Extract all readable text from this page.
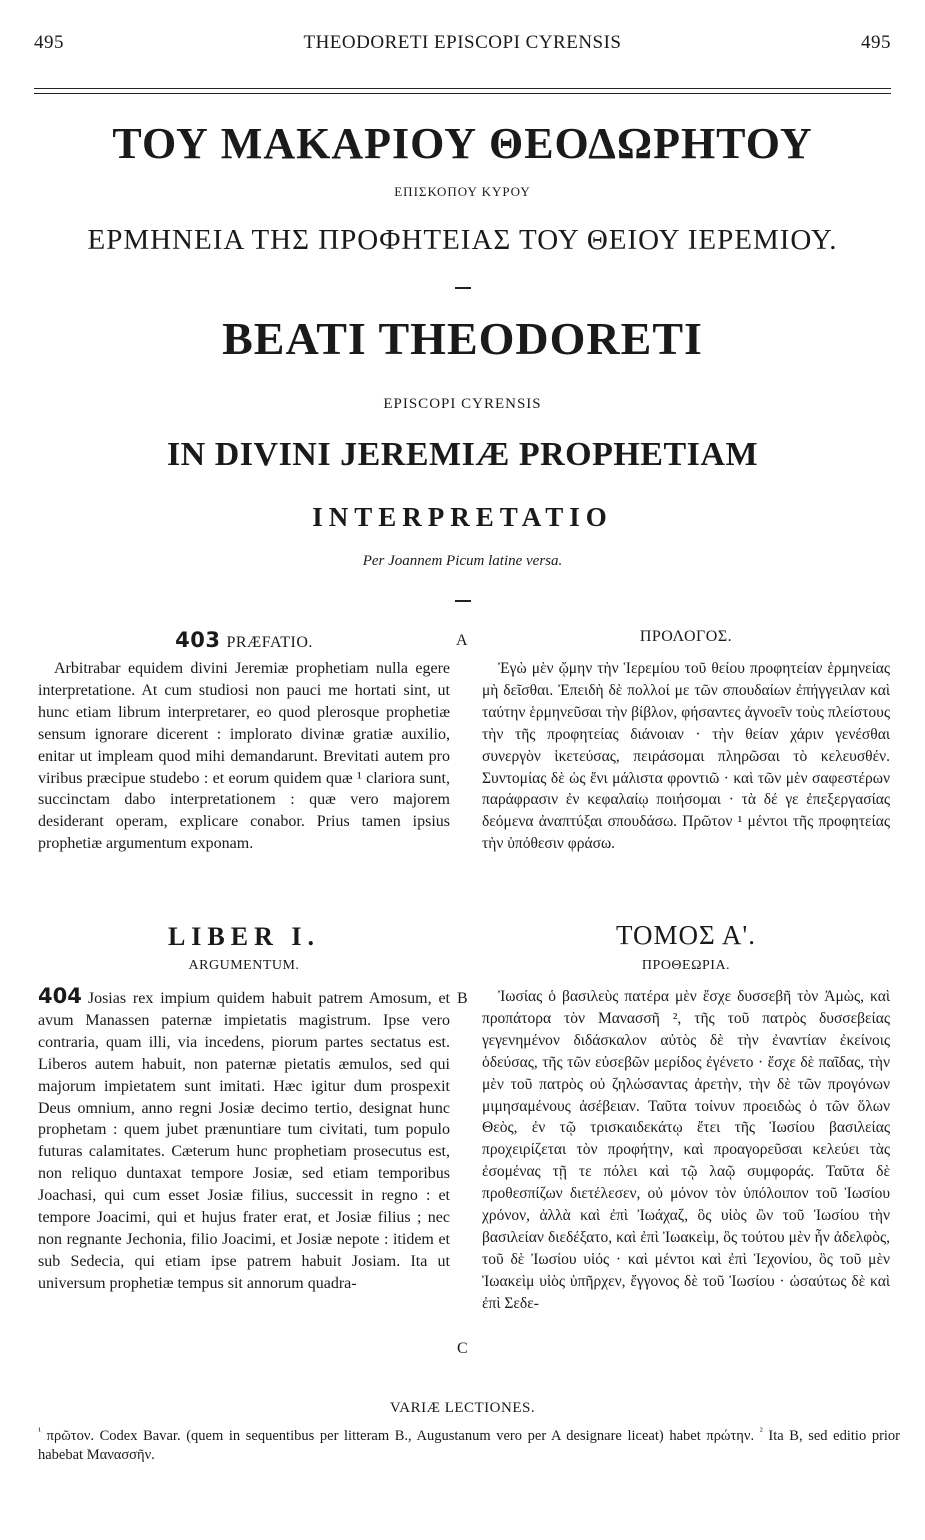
495	THEODORETI EPISCOPI CYRENSIS	495
ΤΟΥ ΜΑΚΑΡΙΟΥ ΘΕΟΔΩΡΗΤΟΥ
ΕΠΙΣΚΟΠΟΥ ΚΥΡΟΥ
ΕΡΜΗΝΕΙΑ ΤΗΣ ΠΡΟΦΗΤΕΙΑΣ ΤΟΥ ΘΕΙΟΥ ΙΕΡΕΜΙΟΥ.
BEATI THEODORETI
EPISCOPI CYRENSIS
IN DIVINI JEREMIÆ PROPHETIAM
INTERPRETATIO
Per Joannem Picum latine versa.
403 PRÆFATIO.	A	ΠΡΟΛΟΓΟΣ.

Arbitrabar equidem divini Jeremiæ prophetiam nulla egere interpretatione. At cum studiosi non pauci me hortati sint, ut hunc etiam librum interpretarer, eo quod plerosque prophetiæ sensum ignorare dicerent : implorato divinæ gratiæ auxilio, enitar ut impleam quod mihi demandarunt. Brevitati autem pro viribus præcipue studebo : et eorum quidem quæ ¹ clariora sunt, succinctam dabo interpretationem : quæ vero majorem desiderant operam, explicare conabor. Prius tamen ipsius prophetiæ argumentum exponam.

Ἐγὼ μὲν ᾤμην τὴν Ἱερεμίου τοῦ θείου προφητείαν ἑρμηνείας μὴ δεῖσθαι. Ἐπειδὴ δὲ πολλοί με τῶν σπουδαίων ἐπήγγειλαν καὶ ταύτην ἑρμηνεῦσαι τὴν βίβλον, φήσαντες ἀγνοεῖν τοὺς πλείστους τὴν τῆς προφητείας διάνοιαν · τὴν θείαν χάριν γενέσθαι συνεργὸν ἱκετεύσας, πειράσομαι πληρῶσαι τὸ κελευσθέν. Συντομίας δὲ ὡς ἔνι μάλιστα φροντιῶ · καὶ τῶν μὲν σαφεστέρων παράφρασιν ἐν κεφαλαίῳ ποιήσομαι · τὰ δέ γε ἐπεξεργασίας δεόμενα ἀναπτύξαι σπουδάσω. Πρῶτον ¹ μέντοι τῆς προφητείας τὴν ὑπόθεσιν φράσω.

LIBER I.	ΤΟΜΟΣ Α'.
ARGUMENTUM.	ΠΡΟΘΕΩΡΙΑ.

404 Josias rex impium quidem habuit patrem Amosum, et avum Manassen paternæ impietatis magistrum. Ipse vero contraria, quam illi, via incedens, piorum partes sectatus est. Liberos autem habuit, non paternæ pietatis æmulos, sed qui majorum impietatem sunt imitati. Hæc igitur dum prospexit Deus omnium, anno regni Josiæ decimo tertio, designat hunc prophetam : quem jubet prænuntiare tum civitati, tum populo futuras calamitates. Cæterum hunc prophetiam prosecutus est, non reliquo duntaxat tempore Josiæ, sed etiam temporibus Joachasi, qui cum esset Josiæ filius, successit in regno : et tempore Joacimi, qui et hujus frater erat, et Josiæ filius ; nec non regnante Jechonia, filio Joacimi, et Josiæ nepote : itidem et sub Sedecia, qui etiam ipse patrem habuit Josiam. Ita ut universum prophetiæ tempus sit annorum quadra-

B
C

Ἰωσίας ὁ βασιλεὺς πατέρα μὲν ἔσχε δυσσεβῆ τὸν Ἀμὼς, καὶ προπάτορα τὸν Μανασσῆ ², τῆς τοῦ πατρὸς δυσσεβείας γεγενημένον διδάσκαλον αὐτὸς δὲ τὴν ἐναντίαν ἐκείνοις ὁδεύσας, τῆς τῶν εὐσεβῶν μερίδος ἐγένετο · ἔσχε δὲ παῖδας, τὴν μὲν τοῦ πατρὸς οὐ ζηλώσαντας ἀρετὴν, τὴν δὲ τῶν προγόνων μιμησαμένους ἀσέβειαν. Ταῦτα τοίνυν προειδὼς ὁ τῶν ὅλων Θεὸς, ἐν τῷ τρισκαιδεκάτῳ ἔτει τῆς Ἰωσίου βασιλείας προχειρίζεται τὸν προφήτην, καὶ προαγορεῦσαι κελεύει τὰς ἐσομένας τῇ τε πόλει καὶ τῷ λαῷ συμφοράς. Ταῦτα δὲ προθεσπίζων διετέλεσεν, οὐ μόνον τὸν ὑπόλοιπον τοῦ Ἰωσίου χρόνον, ἀλλὰ καὶ ἐπὶ Ἰωάχαζ, ὃς υἱὸς ὢν τοῦ Ἰωσίου τὴν βασιλείαν διεδέξατο, καὶ ἐπὶ Ἰωακεὶμ, ὃς τούτου μὲν ἦν ἀδελφὸς, τοῦ δὲ Ἰωσίου υἱός · καὶ μέντοι καὶ ἐπὶ Ἰεχονίου, ὃς τοῦ μὲν Ἰωακεὶμ υἱὸς ὑπῆρχεν, ἔγγονος δὲ τοῦ Ἰωσίου · ὡσαύτως δὲ καὶ ἐπὶ Σεδε-

VARIÆ LECTIONES.
$^{^1}$ πρῶτον. Codex Bavar. (quem in sequentibus per litteram B., Augustanum vero per A designare liceat) habet πρώτην. $^{^2}$ Ita B, sed editio prior habebat Μανασσῆν.
